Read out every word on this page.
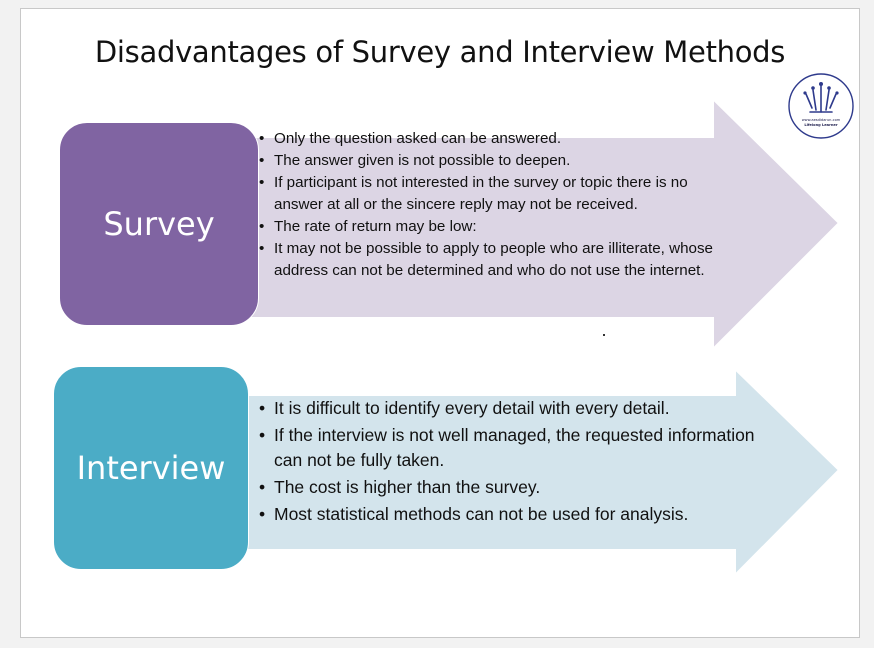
Disadvantages of Survey and Interview Methods
www.aesdidarun.com
Lifelong Learner
Survey
• Only the question asked can be answered.
• The answer given is not possible to deepen.
• If participant is not interested in the survey or topic there is no answer at all or the sincere reply may not be received.
• The rate of return may be low:
• It may not be possible to apply to people who are illiterate, whose address can not be determined and who do not use the internet.
Interview
• It is difficult to identify every detail with every detail.
• If the interview is not well managed, the requested information can not be fully taken.
• The cost is higher than the survey.
• Most statistical methods can not be used for analysis.
